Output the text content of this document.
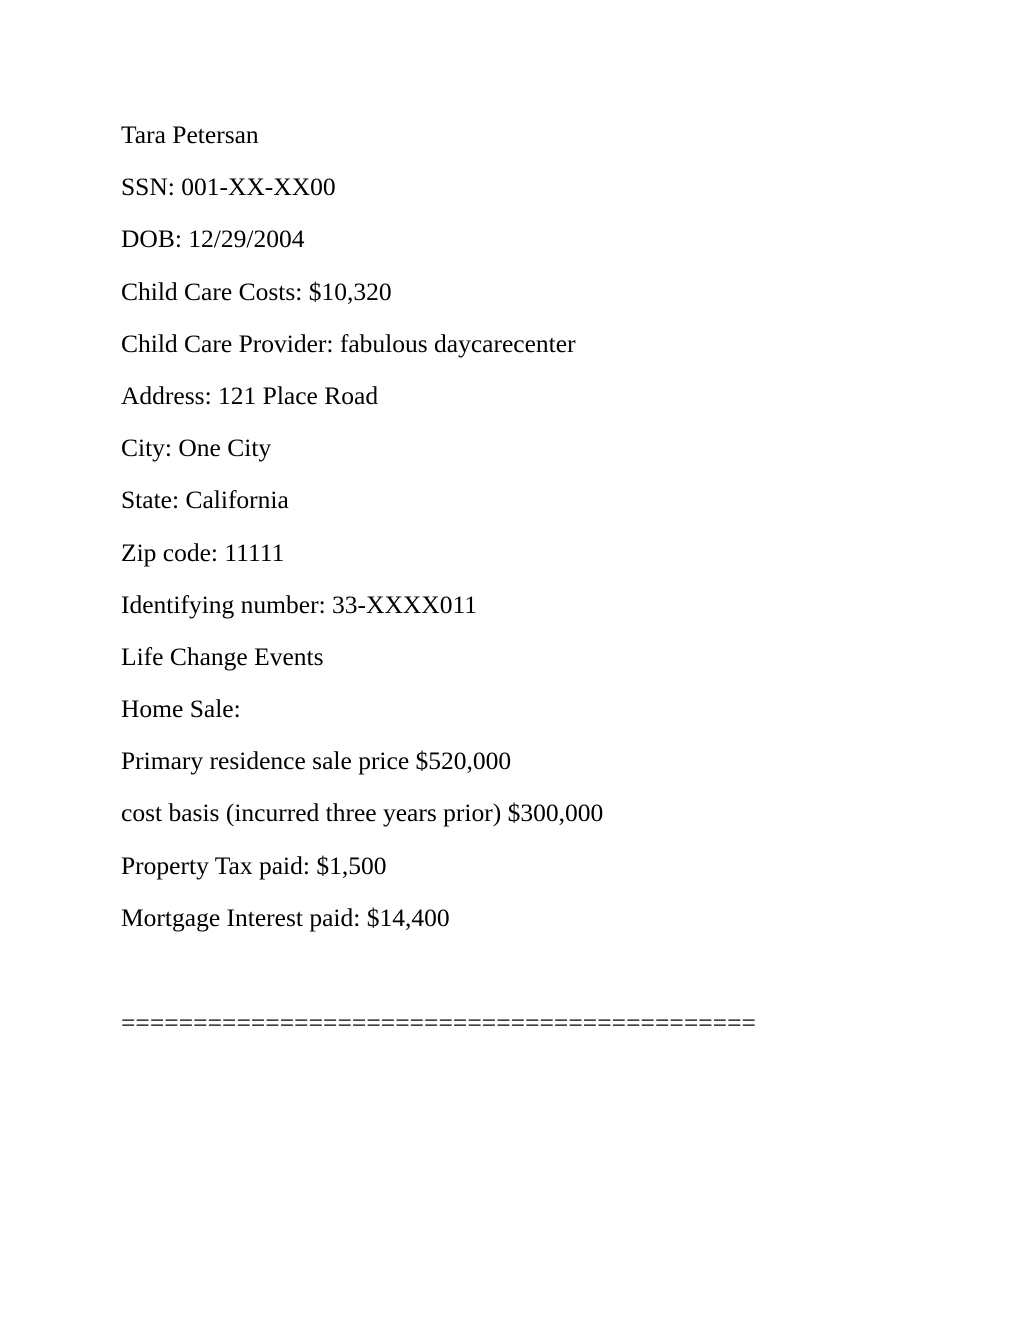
Tara Petersan
SSN: 001-XX-XX00
DOB: 12/29/2004
Child Care Costs: $10,320
Child Care Provider: fabulous daycarecenter
Address: 121 Place Road
City: One City
State: California
Zip code: 11111
Identifying number: 33-XXXX011
Life Change Events
Home Sale:
Primary residence sale price $520,000
cost basis (incurred three years prior) $300,000
Property Tax paid: $1,500
Mortgage Interest paid: $14,400
============================================
